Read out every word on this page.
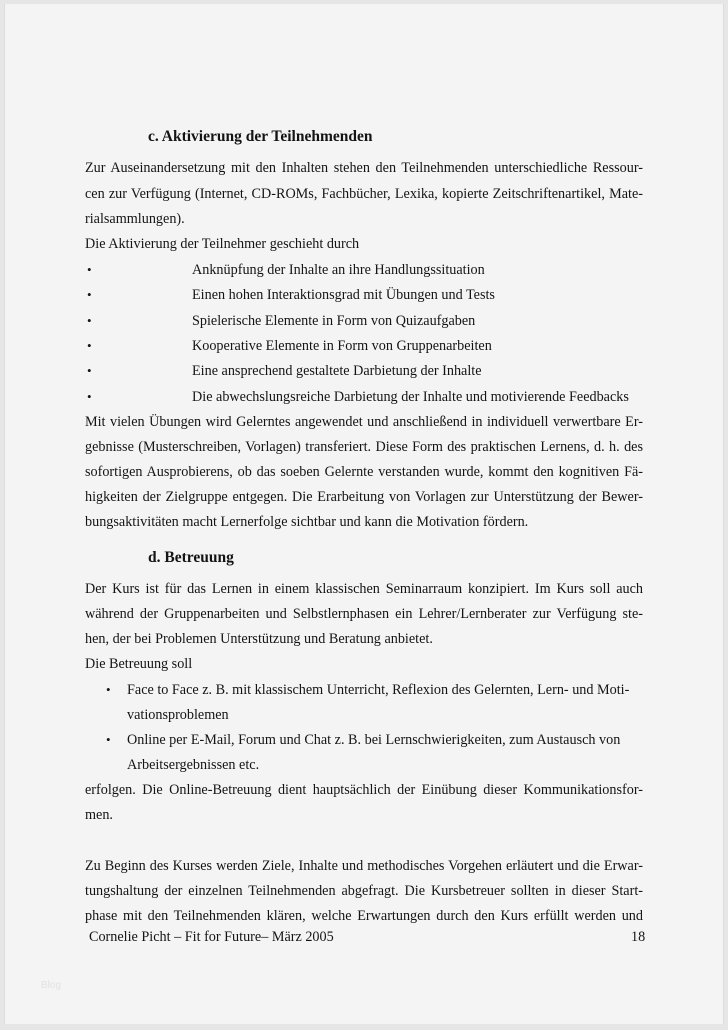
c. Aktivierung der Teilnehmenden
Zur Auseinandersetzung mit den Inhalten stehen den Teilnehmenden unterschiedliche Ressour-
cen zur Verfügung (Internet, CD-ROMs, Fachbücher, Lexika, kopierte Zeitschriftenartikel, Mate-
rialsammlungen).
Die Aktivierung der Teilnehmer geschieht durch
•	Anknüpfung der Inhalte an ihre Handlungssituation
•	Einen hohen Interaktionsgrad mit Übungen und Tests
•	Spielerische Elemente in Form von Quizaufgaben
•	Kooperative Elemente in Form von Gruppenarbeiten
•	Eine ansprechend gestaltete Darbietung der Inhalte
•	Die abwechslungsreiche Darbietung der Inhalte und motivierende Feedbacks
Mit vielen Übungen wird Gelerntes angewendet und anschließend in individuell verwertbare Er-
gebnisse (Musterschreiben, Vorlagen) transferiert. Diese Form des praktischen Lernens, d. h. des
sofortigen Ausprobierens, ob das soeben Gelernte verstanden wurde, kommt den kognitiven Fä-
higkeiten der Zielgruppe entgegen. Die Erarbeitung von Vorlagen zur Unterstützung der Bewer-
bungsaktivitäten macht Lernerfolge sichtbar und kann die Motivation fördern.
d. Betreuung
Der Kurs ist für das Lernen in einem klassischen Seminarraum konzipiert. Im Kurs soll auch
während der Gruppenarbeiten und Selbstlernphasen ein Lehrer/Lernberater zur Verfügung ste-
hen, der bei Problemen Unterstützung und Beratung anbietet.
Die Betreuung soll
• Face to Face z. B. mit klassischem Unterricht, Reflexion des Gelernten, Lern- und Moti-
vationsproblemen
• Online per E-Mail, Forum und Chat z. B. bei Lernschwierigkeiten, zum Austausch von
Arbeitsergebnissen etc.
erfolgen. Die Online-Betreuung dient hauptsächlich der Einübung dieser Kommunikationsfor-
men.
Zu Beginn des Kurses werden Ziele, Inhalte und methodisches Vorgehen erläutert und die Erwar-
tungshaltung der einzelnen Teilnehmenden abgefragt. Die Kursbetreuer sollten in dieser Start-
phase mit den Teilnehmenden klären, welche Erwartungen durch den Kurs erfüllt werden und
Cornelie Picht – Fit for Future– März 2005	18
Blog
